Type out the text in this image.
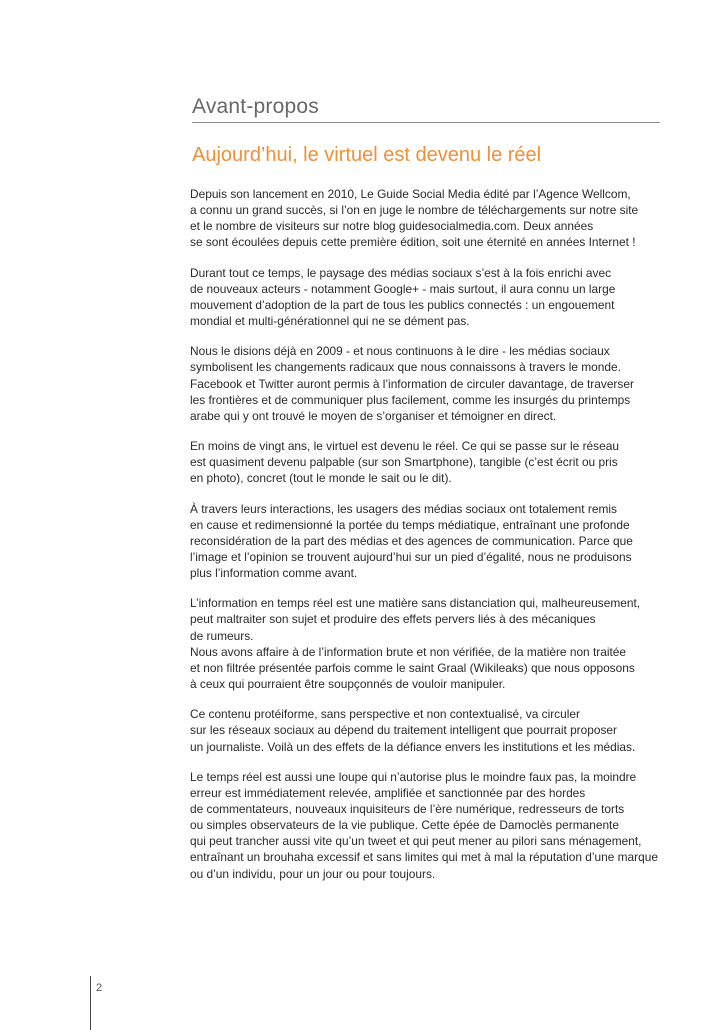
Avant-propos
Aujourd’hui, le virtuel est devenu le réel

Depuis son lancement en 2010, Le Guide Social Media édité par l’Agence Wellcom,
a connu un grand succès, si l’on en juge le nombre de téléchargements sur notre site
et le nombre de visiteurs sur notre blog guidesocialmedia.com. Deux années
se sont écoulées depuis cette première édition, soit une éternité en années Internet !

Durant tout ce temps, le paysage des médias sociaux s’est à la fois enrichi avec
de nouveaux acteurs - notamment Google+ - mais surtout, il aura connu un large
mouvement d’adoption de la part de tous les publics connectés : un engouement
mondial et multi-générationnel qui ne se dément pas.

Nous le disions déjà en 2009 - et nous continuons à le dire - les médias sociaux
symbolisent les changements radicaux que nous connaissons à travers le monde.
Facebook et Twitter auront permis à l’information de circuler davantage, de traverser
les frontières et de communiquer plus facilement, comme les insurgés du printemps
arabe qui y ont trouvé le moyen de s’organiser et témoigner en direct.

En moins de vingt ans, le virtuel est devenu le réel. Ce qui se passe sur le réseau
est quasiment devenu palpable (sur son Smartphone), tangible (c’est écrit ou pris
en photo), concret (tout le monde le sait ou le dit).

À travers leurs interactions, les usagers des médias sociaux ont totalement remis
en cause et redimensionné la portée du temps médiatique, entraînant une profonde
reconsidération de la part des médias et des agences de communication. Parce que
l’image et l’opinion se trouvent aujourd’hui sur un pied d’égalité, nous ne produisons
plus l’information comme avant.

L’information en temps réel est une matière sans distanciation qui, malheureusement,
peut maltraiter son sujet et produire des effets pervers liés à des mécaniques
de rumeurs.
Nous avons affaire à de l’information brute et non vérifiée, de la matière non traitée
et non filtrée présentée parfois comme le saint Graal (Wikileaks) que nous opposons
à ceux qui pourraient être soupçonnés de vouloir manipuler.

Ce contenu protéiforme, sans perspective et non contextualisé, va circuler
sur les réseaux sociaux au dépend du traitement intelligent que pourrait proposer
un journaliste. Voilà un des effets de la défiance envers les institutions et les médias.

Le temps réel est aussi une loupe qui n’autorise plus le moindre faux pas, la moindre
erreur est immédiatement relevée, amplifiée et sanctionnée par des hordes
de commentateurs, nouveaux inquisiteurs de l’ère numérique, redresseurs de torts
ou simples observateurs de la vie publique. Cette épée de Damoclès permanente
qui peut trancher aussi vite qu’un tweet et qui peut mener au pilori sans ménagement,
entraînant un brouhaha excessif et sans limites qui met à mal la réputation d’une marque
ou d’un individu, pour un jour ou pour toujours.

2
